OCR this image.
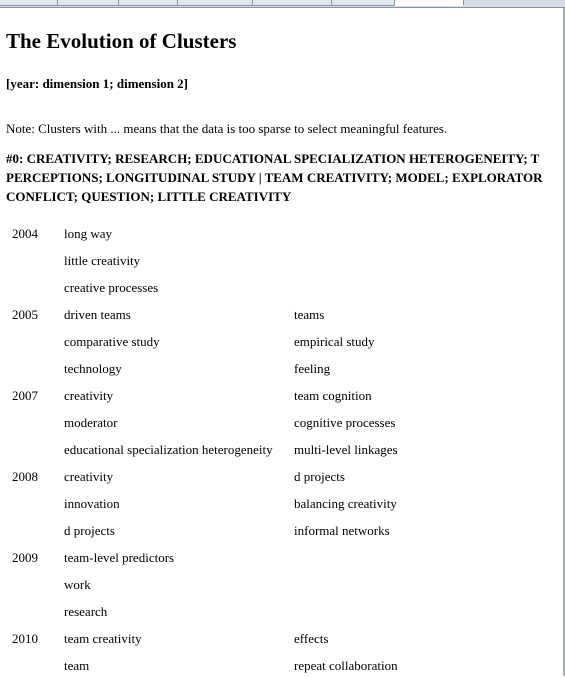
The Evolution of Clusters
[year: dimension 1; dimension 2]
Note: Clusters with ... means that the data is too sparse to select meaningful features.
#0: CREATIVITY; RESEARCH; EDUCATIONAL SPECIALIZATION HETEROGENEITY; T
PERCEPTIONS; LONGITUDINAL STUDY | TEAM CREATIVITY; MODEL; EXPLORATOR
CONFLICT; QUESTION; LITTLE CREATIVITY
2004	long way	
	little creativity	
	creative processes	
2005	driven teams	teams
	comparative study	empirical study
	technology	feeling
2007	creativity	team cognition
	moderator	cognitive processes
	educational specialization heterogeneity	multi-level linkages
2008	creativity	d projects
	innovation	balancing creativity
	d projects	informal networks
2009	team-level predictors	
	work	
	research	
2010	team creativity	effects
	team	repeat collaboration
